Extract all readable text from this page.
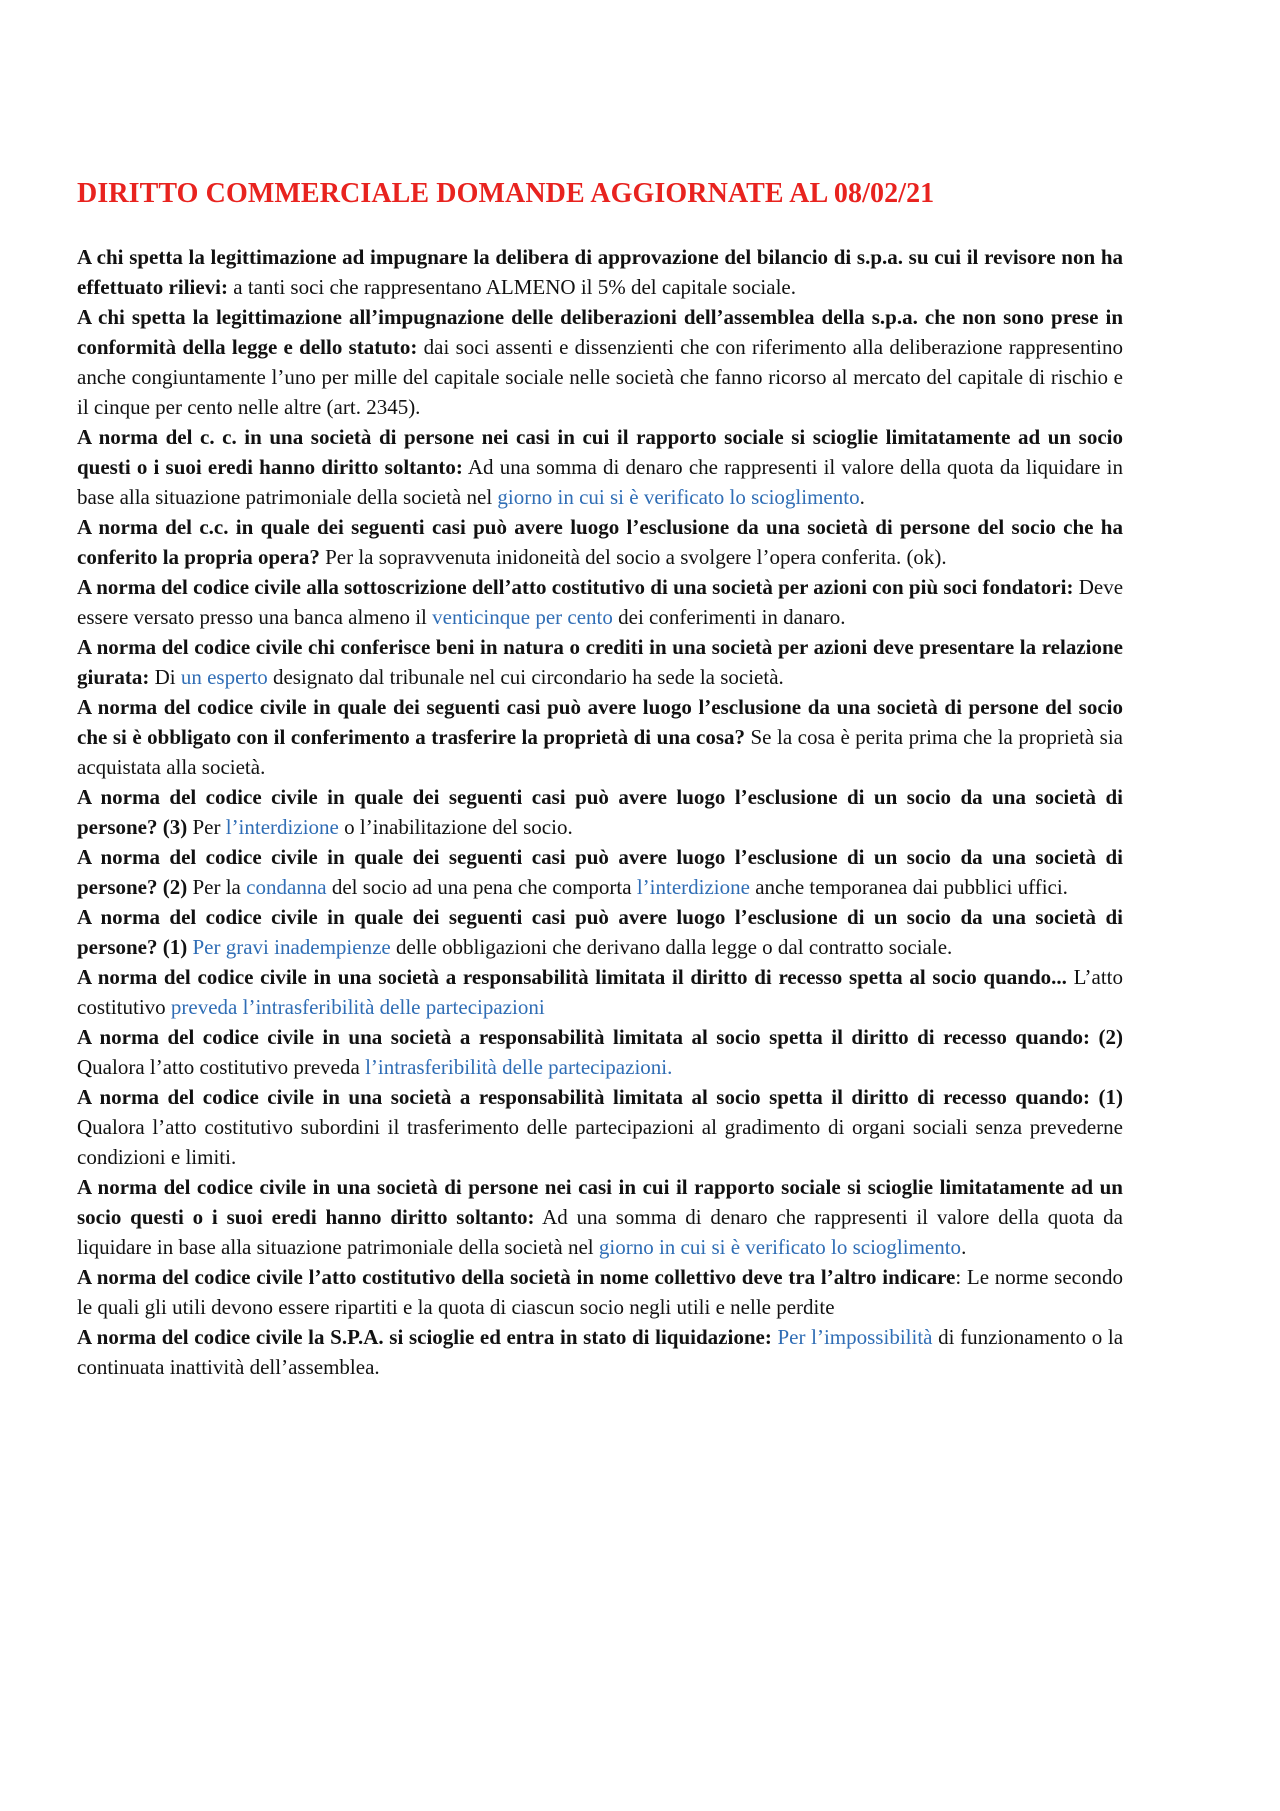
DIRITTO COMMERCIALE DOMANDE AGGIORNATE AL 08/02/21

A chi spetta la legittimazione ad impugnare la delibera di approvazione del bilancio di s.p.a. su cui il revisore non ha effettuato rilievi: a tanti soci che rappresentano ALMENO il 5% del capitale sociale.

A chi spetta la legittimazione all’impugnazione delle deliberazioni dell’assemblea della s.p.a. che non sono prese in conformità della legge e dello statuto: dai soci assenti e dissenzienti che con riferimento alla deliberazione rappresentino anche congiuntamente l’uno per mille del capitale sociale nelle società che fanno ricorso al mercato del capitale di rischio e il cinque per cento nelle altre (art. 2345).

A norma del c. c. in una società di persone nei casi in cui il rapporto sociale si scioglie limitatamente ad un socio questi o i suoi eredi hanno diritto soltanto: Ad una somma di denaro che rappresenti il valore della quota da liquidare in base alla situazione patrimoniale della società nel giorno in cui si è verificato lo scioglimento.

A norma del c.c. in quale dei seguenti casi può avere luogo l’esclusione da una società di persone del socio che ha conferito la propria opera? Per la sopravvenuta inidoneità del socio a svolgere l’opera conferita. (ok).

A norma del codice civile alla sottoscrizione dell’atto costitutivo di una società per azioni con più soci fondatori: Deve essere versato presso una banca almeno il venticinque per cento dei conferimenti in danaro.

A norma del codice civile chi conferisce beni in natura o crediti in una società per azioni deve presentare la relazione giurata: Di un esperto designato dal tribunale nel cui circondario ha sede la società.

A norma del codice civile in quale dei seguenti casi può avere luogo l’esclusione da una società di persone del socio che si è obbligato con il conferimento a trasferire la proprietà di una cosa? Se la cosa è perita prima che la proprietà sia acquistata alla società.

A norma del codice civile in quale dei seguenti casi può avere luogo l’esclusione di un socio da una società di persone? (3) Per l’interdizione o l’inabilitazione del socio.

A norma del codice civile in quale dei seguenti casi può avere luogo l’esclusione di un socio da una società di persone? (2) Per la condanna del socio ad una pena che comporta l’interdizione anche temporanea dai pubblici uffici.

A norma del codice civile in quale dei seguenti casi può avere luogo l’esclusione di un socio da una società di persone? (1) Per gravi inadempienze delle obbligazioni che derivano dalla legge o dal contratto sociale.

A norma del codice civile in una società a responsabilità limitata il diritto di recesso spetta al socio quando... L’atto costitutivo preveda l’intrasferibilità delle partecipazioni

A norma del codice civile in una società a responsabilità limitata al socio spetta il diritto di recesso quando: (2) Qualora l’atto costitutivo preveda l’intrasferibilità delle partecipazioni.

A norma del codice civile in una società a responsabilità limitata al socio spetta il diritto di recesso quando: (1) Qualora l’atto costitutivo subordini il trasferimento delle partecipazioni al gradimento di organi sociali senza prevederne condizioni e limiti.

A norma del codice civile in una società di persone nei casi in cui il rapporto sociale si scioglie limitatamente ad un socio questi o i suoi eredi hanno diritto soltanto: Ad una somma di denaro che rappresenti il valore della quota da liquidare in base alla situazione patrimoniale della società nel giorno in cui si è verificato lo scioglimento.

A norma del codice civile l’atto costitutivo della società in nome collettivo deve tra l’altro indicare: Le norme secondo le quali gli utili devono essere ripartiti e la quota di ciascun socio negli utili e nelle perdite

A norma del codice civile la S.P.A. si scioglie ed entra in stato di liquidazione: Per l’impossibilità di funzionamento o la continuata inattività dell’assemblea.
